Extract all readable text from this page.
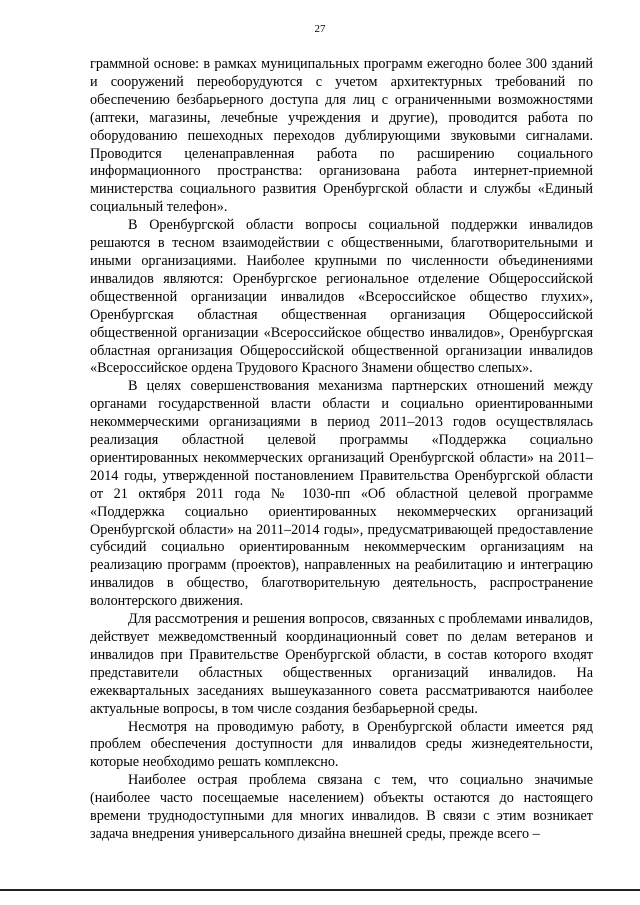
27

граммной основе: в рамках муниципальных программ ежегодно более 300 зданий и сооружений переоборудуются с учетом архитектурных требований по обеспечению безбарьерного доступа для лиц с ограниченными возможностями (аптеки, магазины, лечебные учреждения и другие), проводится работа по оборудованию пешеходных переходов дублирующими звуковыми сигналами. Проводится целенаправленная работа по расширению социального информационного пространства: организована работа интернет-приемной министерства социального развития Оренбургской области и службы «Единый социальный телефон».

В Оренбургской области вопросы социальной поддержки инвалидов решаются в тесном взаимодействии с общественными, благотворительными и иными организациями. Наиболее крупными по численности объединениями инвалидов являются: Оренбургское региональное отделение Общероссийской общественной организации инвалидов «Всероссийское общество глухих», Оренбургская областная общественная организация Общероссийской общественной организации «Всероссийское общество инвалидов», Оренбургская областная организация Общероссийской общественной организации инвалидов «Всероссийское ордена Трудового Красного Знамени общество слепых».

В целях совершенствования механизма партнерских отношений между органами государственной власти области и социально ориентированными некоммерческими организациями в период 2011–2013 годов осуществлялась реализация областной целевой программы «Поддержка социально ориентированных некоммерческих организаций Оренбургской области» на 2011–2014 годы, утвержденной постановлением Правительства Оренбургской области от 21 октября 2011 года № 1030-пп «Об областной целевой программе «Поддержка социально ориентированных некоммерческих организаций Оренбургской области» на 2011–2014 годы», предусматривающей предоставление субсидий социально ориентированным некоммерческим организациям на реализацию программ (проектов), направленных на реабилитацию и интеграцию инвалидов в общество, благотворительную деятельность, распространение волонтерского движения.

Для рассмотрения и решения вопросов, связанных с проблемами инвалидов, действует межведомственный координационный совет по делам ветеранов и инвалидов при Правительстве Оренбургской области, в состав которого входят представители областных общественных организаций инвалидов. На ежеквартальных заседаниях вышеуказанного совета рассматриваются наиболее актуальные вопросы, в том числе создания безбарьерной среды.

Несмотря на проводимую работу, в Оренбургской области имеется ряд проблем обеспечения доступности для инвалидов среды жизнедеятельности, которые необходимо решать комплексно.

Наиболее острая проблема связана с тем, что социально значимые (наиболее часто посещаемые населением) объекты остаются до настоящего времени труднодоступными для многих инвалидов. В связи с этим возникает задача внедрения универсального дизайна внешней среды, прежде всего –
